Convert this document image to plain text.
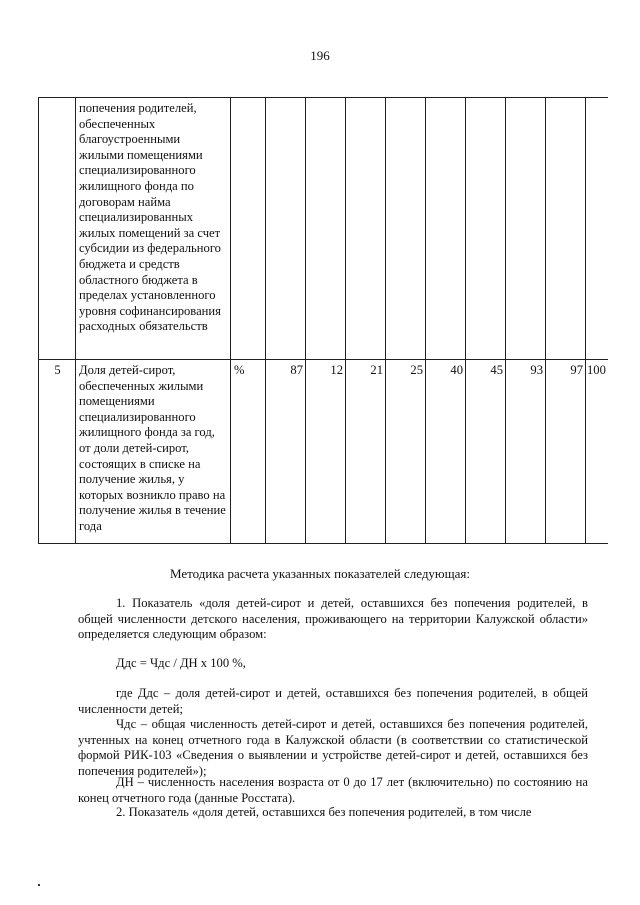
196
	попечения родителей, обеспеченных благоустроенными жилыми помещениями специализированного жилищного фонда по договорам найма специализированных жилых помещений за счет субсидии из федерального бюджета и средств областного бюджета в пределах установленного уровня софинансирования расходных обязательств										
5	Доля детей-сирот, обеспеченных жилыми помещениями специализированного жилищного фонда за год, от доли детей-сирот, состоящих в списке на получение жилья, у которых возникло право на получение жилья в течение года	%	87	12	21	25	40	45	93	97	100
Методика расчета указанных показателей следующая:
1. Показатель «доля детей-сирот и детей, оставшихся без попечения родителей, в общей численности детского населения, проживающего на территории Калужской области» определяется следующим образом:
Ддс = Чдс / ДН х 100 %,
где Ддс – доля детей-сирот и детей, оставшихся без попечения родителей, в общей численности детей;
Чдс – общая численность детей-сирот и детей, оставшихся без попечения родителей, учтенных на конец отчетного года в Калужской области (в соответствии со статистической формой РИК-103 «Сведения о выявлении и устройстве детей-сирот и детей, оставшихся без попечения родителей»);
ДН – численность населения возраста от 0 до 17 лет (включительно) по состоянию на конец отчетного года (данные Росстата).
2. Показатель «доля детей, оставшихся без попечения родителей, в том числе
